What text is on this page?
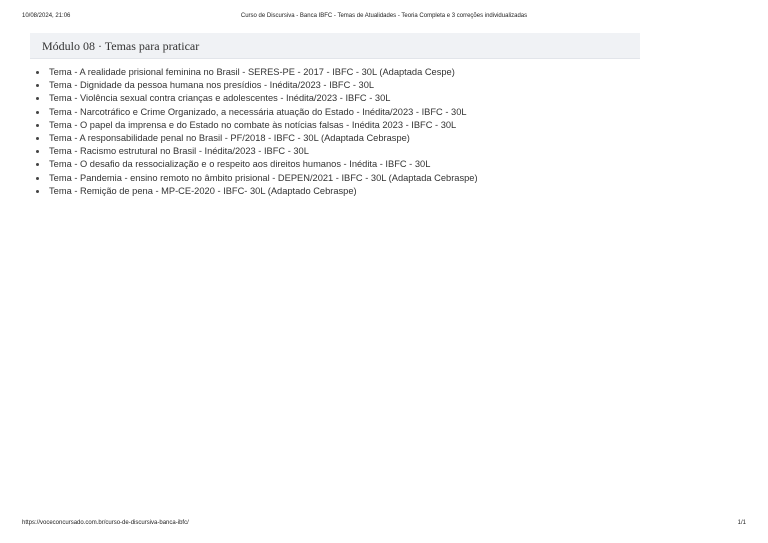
10/08/2024, 21:06	Curso de Discursiva - Banca IBFC - Temas de Atualidades - Teoria Completa e 3 correções individualizadas
Módulo 08 · Temas para praticar
Tema - A realidade prisional feminina no Brasil - SERES-PE - 2017 - IBFC - 30L (Adaptada Cespe)
Tema - Dignidade da pessoa humana nos presídios - Inédita/2023 - IBFC - 30L
Tema - Violência sexual contra crianças e adolescentes - Inédita/2023 - IBFC - 30L
Tema - Narcotráfico e Crime Organizado, a necessária atuação do Estado - Inédita/2023 - IBFC - 30L
Tema - O papel da imprensa e do Estado no combate às notícias falsas - Inédita 2023 - IBFC - 30L
Tema - A responsabilidade penal no Brasil - PF/2018 - IBFC - 30L (Adaptada Cebraspe)
Tema - Racismo estrutural no Brasil - Inédita/2023 - IBFC - 30L
Tema - O desafio da ressocialização e o respeito aos direitos humanos - Inédita - IBFC - 30L
Tema - Pandemia - ensino remoto no âmbito prisional - DEPEN/2021 - IBFC - 30L (Adaptada Cebraspe)
Tema - Remição de pena - MP-CE-2020 - IBFC- 30L (Adaptado Cebraspe)
https://voceconcursado.com.br/curso-de-discursiva-banca-ibfc/	1/1
